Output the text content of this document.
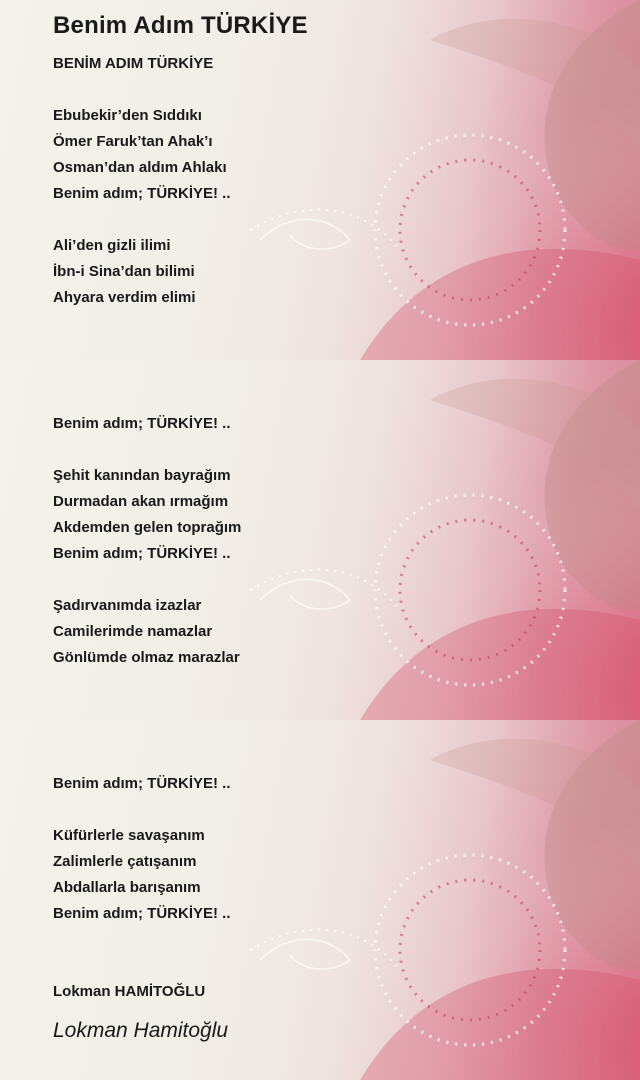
Benim Adım TÜRKİYE

BENİM ADIM TÜRKİYE

Ebubekir’den Sıddıkı

Ömer Faruk’tan Ahak’ı

Osman’dan aldım Ahlakı

Benim adım; TÜRKİYE! ..

Ali’den gizli ilimi

İbn-i Sina’dan bilimi

Ahyara verdim elimi

Benim adım; TÜRKİYE! ..

Şehit kanından bayrağım

Durmadan akan ırmağım

Akdemden gelen toprağım

Benim adım; TÜRKİYE! ..

Şadırvanımda izazlar

Camilerimde namazlar

Gönlümde olmaz marazlar

Benim adım; TÜRKİYE! ..

Küfürlerle savaşanım

Zalimlerle çatışanım

Abdallarla barışanım

Benim adım; TÜRKİYE! ..

Lokman HAMİTOĞLU

Lokman Hamitoğlu
